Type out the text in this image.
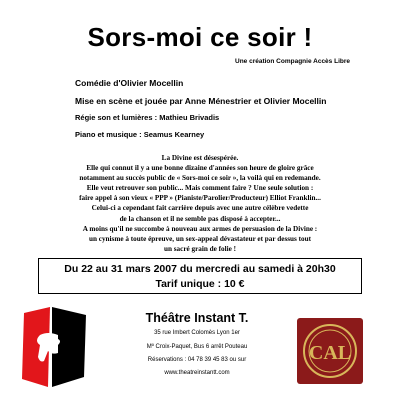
Sors-moi ce soir !
Une création Compagnie Accès Libre
Comédie d'Olivier Mocellin
Mise en scène et jouée par Anne Ménestrier et Olivier Mocellin
Régie son et lumières : Mathieu Brivadis
Piano et musique : Seamus Kearney
La Divine est désespérée.
Elle qui connut il y a une bonne dizaine d'années son heure de gloire grâce
notamment au succès public de « Sors-moi ce soir », la voilà qui en redemande.
Elle veut retrouver son public... Mais comment faire ? Une seule solution :
faire appel à son vieux « PPP » (Pianiste/Parolier/Producteur) Elliot Franklin...
Celui-ci a cependant fait carrière depuis avec une autre célèbre vedette
de la chanson et il ne semble pas disposé à accepter...
A moins qu'il ne succombe à nouveau aux armes de persuasion de la Divine :
un cynisme à toute épreuve, un sex-appeal dévastateur et par dessus tout
un sacré grain de folie !
Du 22 au 31 mars 2007 du mercredi au samedi à 20h30
Tarif unique : 10 €
Théâtre Instant T.
35 rue Imbert Colomès Lyon 1er
Mº Croix-Paquet, Bus 6 arrêt Pouteau
Réservations : 04 78 39 45 83 ou sur
www.theatreinstantt.com
CAL
